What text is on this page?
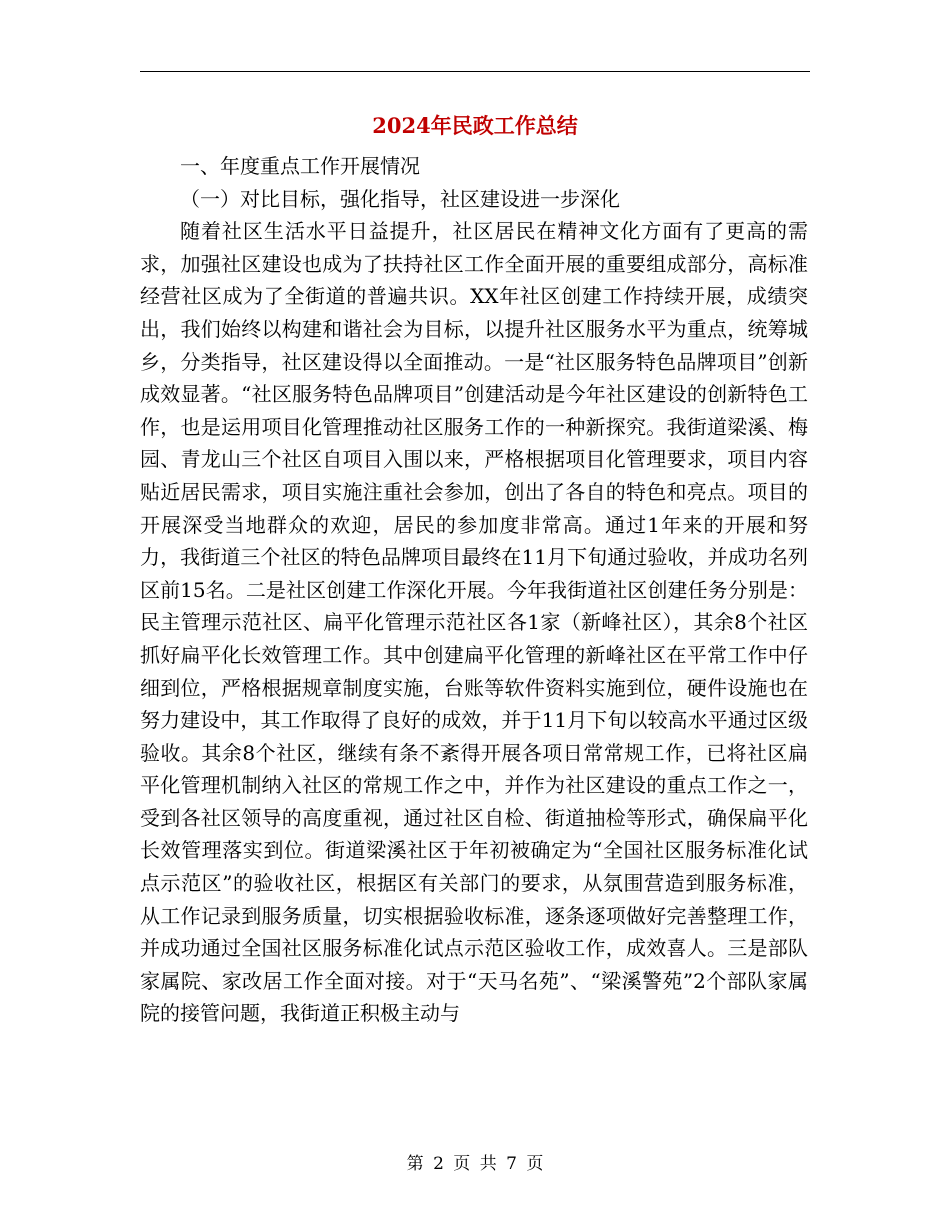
2024年民政工作总结

一、年度重点工作开展情况

（一）对比目标，强化指导，社区建设进一步深化

随着社区生活水平日益提升，社区居民在精神文化方面有了更高的需求，加强社区建设也成为了扶持社区工作全面开展的重要组成部分，高标准经营社区成为了全街道的普遍共识。XX年社区创建工作持续开展，成绩突出，我们始终以构建和谐社会为目标，以提升社区服务水平为重点，统筹城乡，分类指导，社区建设得以全面推动。一是“社区服务特色品牌项目”创新成效显著。“社区服务特色品牌项目”创建活动是今年社区建设的创新特色工作，也是运用项目化管理推动社区服务工作的一种新探究。我街道梁溪、梅园、青龙山三个社区自项目入围以来，严格根据项目化管理要求，项目内容贴近居民需求，项目实施注重社会参加，创出了各自的特色和亮点。项目的开展深受当地群众的欢迎，居民的参加度非常高。通过1年来的开展和努力，我街道三个社区的特色品牌项目最终在11月下旬通过验收，并成功名列区前15名。二是社区创建工作深化开展。今年我街道社区创建任务分别是：民主管理示范社区、扁平化管理示范社区各1家（新峰社区），其余8个社区抓好扁平化长效管理工作。其中创建扁平化管理的新峰社区在平常工作中仔细到位，严格根据规章制度实施，台账等软件资料实施到位，硬件设施也在努力建设中，其工作取得了良好的成效，并于11月下旬以较高水平通过区级验收。其余8个社区，继续有条不紊得开展各项日常常规工作，已将社区扁平化管理机制纳入社区的常规工作之中，并作为社区建设的重点工作之一，受到各社区领导的高度重视，通过社区自检、街道抽检等形式，确保扁平化长效管理落实到位。街道梁溪社区于年初被确定为“全国社区服务标准化试点示范区”的验收社区，根据区有关部门的要求，从氛围营造到服务标准，从工作记录到服务质量，切实根据验收标准，逐条逐项做好完善整理工作，并成功通过全国社区服务标准化试点示范区验收工作，成效喜人。三是部队家属院、家改居工作全面对接。对于“天马名苑”、“梁溪警苑”2个部队家属院的接管问题，我街道正积极主动与

第 2 页 共 7 页
